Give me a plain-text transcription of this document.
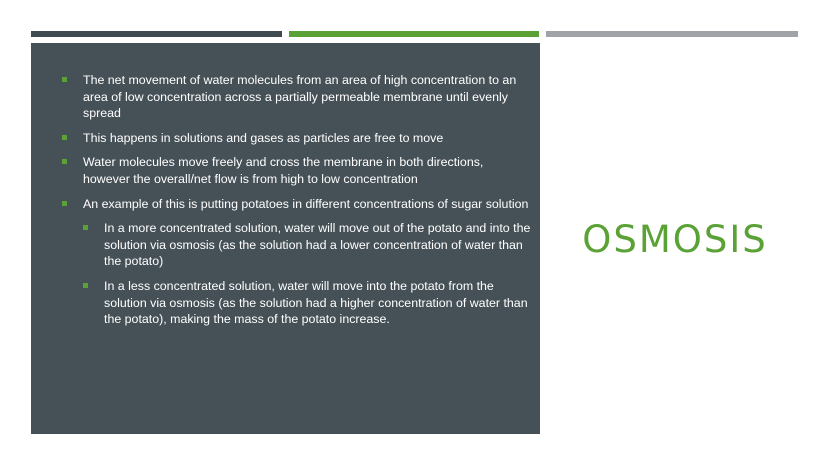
The net movement of water molecules from an area of high concentration to an area of low concentration across a partially permeable membrane until evenly spread
This happens in solutions and gases as particles are free to move
Water molecules move freely and cross the membrane in both directions, however the overall/net flow is from high to low concentration
An example of this is putting potatoes in different concentrations of sugar solution
In a more concentrated solution, water will move out of the potato and into the solution via osmosis (as the solution had a lower concentration of water than the potato)
In a less concentrated solution, water will move into the potato from the solution via osmosis (as the solution had a higher concentration of water than the potato), making the mass of the potato increase.
OSMOSIS
